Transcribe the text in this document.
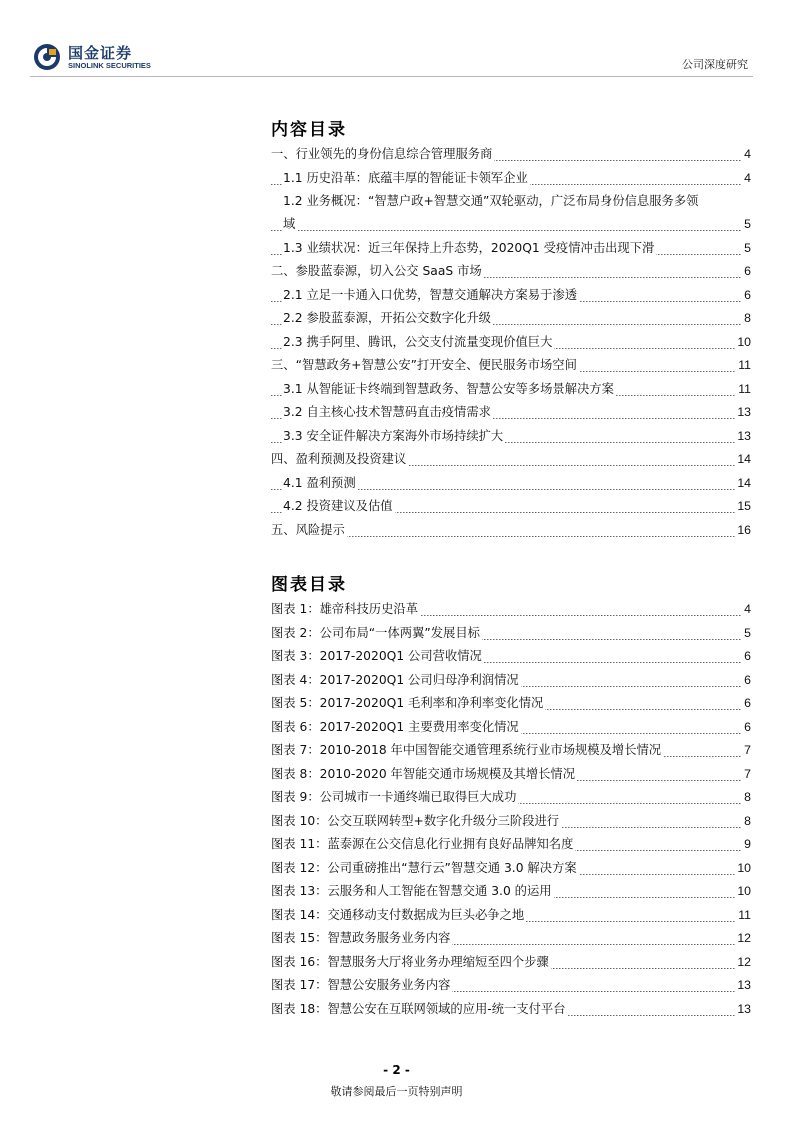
国金证券
SINOLINK SECURITIES	公司深度研究
内容目录
一、行业领先的身份信息综合管理服务商	4
1.1 历史沿革：底蕴丰厚的智能证卡领军企业	4
1.2 业务概况：“智慧户政+智慧交通”双轮驱动，广泛布局身份信息服务多领
域	5
1.3 业绩状况：近三年保持上升态势，2020Q1 受疫情冲击出现下滑	5
二、参股蓝泰源，切入公交 SaaS 市场	6
2.1 立足一卡通入口优势，智慧交通解决方案易于渗透	6
2.2 参股蓝泰源，开拓公交数字化升级	8
2.3 携手阿里、腾讯，公交支付流量变现价值巨大	10
三、“智慧政务+智慧公安”打开安全、便民服务市场空间	11
3.1 从智能证卡终端到智慧政务、智慧公安等多场景解决方案	11
3.2 自主核心技术智慧码直击疫情需求	13
3.3 安全证件解决方案海外市场持续扩大	13
四、盈利预测及投资建议	14
4.1 盈利预测	14
4.2 投资建议及估值	15
五、风险提示	16
图表目录
图表 1：雄帝科技历史沿革	4
图表 2：公司布局“一体两翼”发展目标	5
图表 3：2017-2020Q1 公司营收情况	6
图表 4：2017-2020Q1 公司归母净利润情况	6
图表 5：2017-2020Q1 毛利率和净利率变化情况	6
图表 6：2017-2020Q1 主要费用率变化情况	6
图表 7：2010-2018 年中国智能交通管理系统行业市场规模及增长情况	7
图表 8：2010-2020 年智能交通市场规模及其增长情况	7
图表 9：公司城市一卡通终端已取得巨大成功	8
图表 10：公交互联网转型+数字化升级分三阶段进行	8
图表 11：蓝泰源在公交信息化行业拥有良好品牌知名度	9
图表 12：公司重磅推出“慧行云”智慧交通 3.0 解决方案	10
图表 13：云服务和人工智能在智慧交通 3.0 的运用	10
图表 14：交通移动支付数据成为巨头必争之地	11
图表 15：智慧政务服务业务内容	12
图表 16：智慧服务大厅将业务办理缩短至四个步骤	12
图表 17：智慧公安服务业务内容	13
图表 18：智慧公安在互联网领域的应用-统一支付平台	13
- 2 -
敬请参阅最后一页特别声明
